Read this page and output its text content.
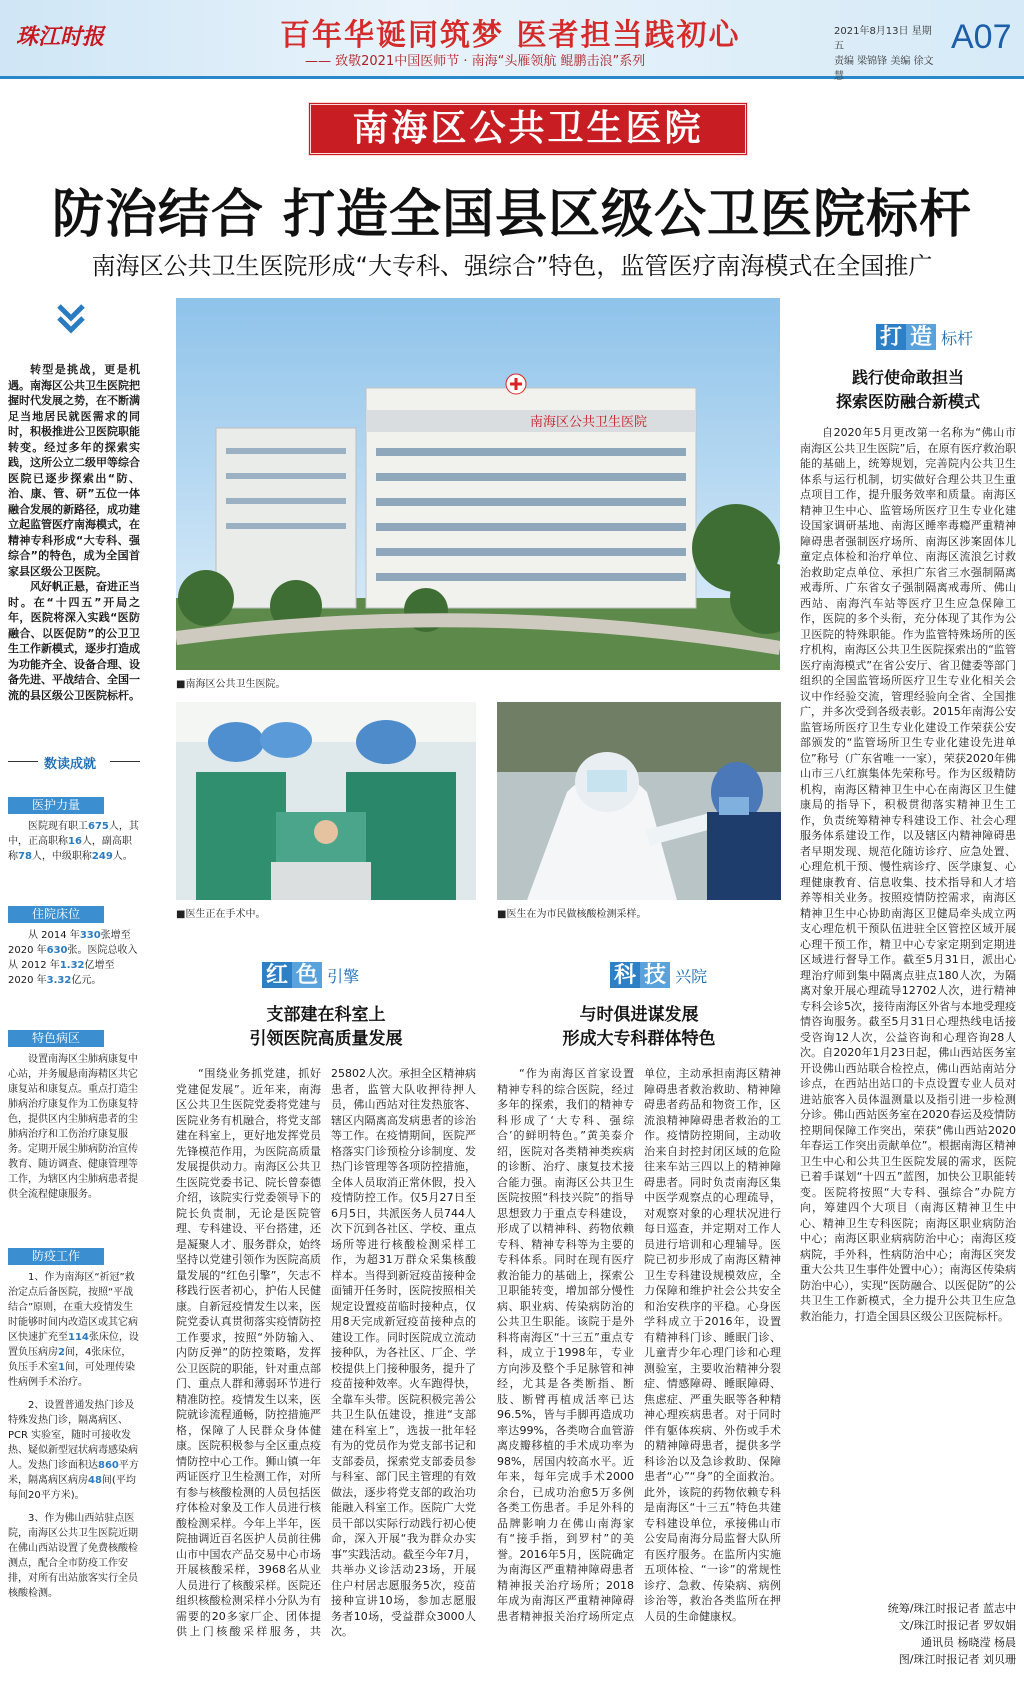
珠江时报	百年华诞同筑梦 医者担当践初心
—— 致敬2021中国医师节 · 南海“头雁领航 鲲鹏击浪”系列
2021年8月13日 星期五
责编 梁锦锋 美编 徐文慧
A07
南海区公共卫生医院
防治结合 打造全国县区级公卫医院标杆
南海区公共卫生医院形成“大专科、强综合”特色，监管医疗南海模式在全国推广
转型是挑战，更是机遇。南海区公共卫生医院把握时代发展之势，在不断满足当地居民就医需求的同时，积极推进公卫医院职能转变。经过多年的探索实践，这所公立二级甲等综合医院已逐步探索出“防、治、康、管、研”五位一体融合发展的新路径，成功建立起监管医疗南海模式，在精神专科形成“大专科、强综合”的特色，成为全国首家县区级公卫医院。
风好帆正悬，奋进正当时。在“十四五”开局之年，医院将深入实践“医防融合、以医促防”的公卫卫生工作新模式，逐步打造成为功能齐全、设备合理、设备先进、平战结合、全国一流的县区级公卫医院标杆。
数读成就
医护力量
医院现有职工675人，其中，正高职称16人，副高职称78人，中级职称249人。
住院床位
从 2014 年330张增至 2020 年630张。医院总收入从 2012 年1.32亿增至 2020 年3.32亿元。
特色病区
设置南海区尘肺病康复中心站，并务履悬南海精区共它康复站和康复点。重点打造尘肺病治疗康复作为工伤康复特色，提供区内尘肺病患者的尘肺病治疗和工伤治疗康复服务。定期开展尘肺病防治宣传教育、随访调查、健康管理等工作，为辖区内尘肺病患者提供全流程健康服务。
防疫工作
1、作为南海区“祈冠”救治定点后备医院，按照“平战结合”原则，在重大疫情发生时能够时间内改造区或其它病区快速扩充至114张床位，设置负压病房2间，4张床位，负压手术室1间，可处理传染性病例手术治疗。
2、设置普通发热门诊及特殊发热门诊，隔离病区、PCR 实验室，随时可接收发热、疑似新型冠状病毒感染病人。发热门诊面积达860平方米，隔离病区病房48间(平均每间20平方米)。
3、作为佛山西站驻点医院，南海区公共卫生医院近期在佛山西站设置了免费核酸检测点，配合全市防疫工作安排，对所有出站旅客实行全员核酸检测。
南海区公共卫生医院
■南海区公共卫生医院。
■医生正在手术中。	■医生在为市民做核酸检测采样。
红 色 引擎
支部建在科室上
引领医院高质量发展
科 技 兴院
与时俱进谋发展
形成大专科群体特色
打 造 标杆
践行使命敢担当
探索医防融合新模式
“围绕业务抓党建，抓好党建促发展”。近年来，南海区公共卫生医院党委将党建与医院业务有机融合，将党支部建在科室上，更好地发挥党员先锋模范作用，为医院高质量发展提供动力。南海区公共卫生医院党委书记、院长曾泰德介绍，该院实行党委领导下的院长负责制，无论是医院管理、专科建设、平台搭建，还是凝聚人才、服务群众，始终坚持以党建引领作为医院高质量发展的“红色引擎”，矢志不移践行医者初心，护佑人民健康。自新冠疫情发生以来，医院党委认真贯彻落实疫情防控工作要求，按照“外防输入、内防反弹”的防控策略，发挥公卫医院的职能，针对重点部门、重点人群和薄弱环节进行精准防控。疫情发生以来，医院就诊流程通畅，防控措施严格，保障了人民群众身体健康。医院积极参与全区重点疫情防控中心工作。狮山镇一年两证医疗卫生检测工作，对所有参与核酸检测的人员包括医疗体检对象及工作人员进行核酸检测采样。今年上半年，医院抽调近百名医护人员前往佛山市中国农产品交易中心市场开展核酸采样，3968名从业人员进行了核酸采样。医院还组织核酸检测采样小分队为有需要的20多家厂企、团体提供上门核酸采样服务，共25802人次。承担全区精神病患者，监管大队收押待押人员，佛山西站对往发热旅客、辖区内隔离高发病患者的诊治等工作。在疫情期间，医院严格落实门诊预检分诊制度、发热门诊管理等各项防控措施，全体人员取消正常休假，投入疫情防控工作。仅5月27日至6月5日，共派医务人员744人次下沉到各社区、学校、重点场所等进行核酸检测采样工作，为超31万群众采集核酸样本。当得到新冠疫苗接种金面铺开任务时，医院按照相关规定设置疫苗临时接种点，仅用8天完成新冠疫苗接种点的建设工作。同时医院成立流动接种队，为各社区、厂企、学校提供上门接种服务，提升了疫苗接种效率。火车跑得快，全靠车头带。医院积极完善公共卫生队伍建设，推进“支部建在科室上”，选拔一批年轻有为的党员作为党支部书记和支部委员，探索党支部委员参与科室、部门民主管理的有效做法，逐步将党支部的政治功能融入科室工作。医院广大党员干部以实际行动践行初心使命，深入开展“我为群众办实事”实践活动。截至今年7月，共举办义诊活动23场，开展住户村居志愿服务5次，疫苗接种宣讲10场，参加志愿服务者10场，受益群众3000人次。
“作为南海区首家设置精神专科的综合医院，经过多年的探索，我们的精神专科形成了‘大专科、强综合’的鲜明特色。”黄美泰介绍，医院对各类精神类疾病的诊断、治疗、康复技术接合能力强。南海区公共卫生医院按照“科技兴院”的指导思想致力于重点专科建设，形成了以精神科、药物依赖专科、精神专科等为主要的专科体系。同时在现有医疗救治能力的基础上，探索公卫职能转变，增加部分慢性病、职业病、传染病防治的公共卫生职能。该院于是外科将南海区“十三五”重点专科，成立于1998年，专业方向涉及整个手足脉管和神经，尤其是各类断指、断肢、断臂再植成活率已达96.5%，皆与手脚再造成功率达99%，各类吻合血管游离皮瓣移植的手术成功率为98%，居国内较高水平。近年来，每年完成手术2000余台，已成功治愈5万多例各类工伤患者。手足外科的品牌影响力在佛山南海家有“接手指，到罗村”的美誉。2016年5月，医院确定为南海区严重精神障碍患者精神报关治疗场所；2018年成为南海区严重精神障碍患者精神报关治疗场所定点单位，主动承担南海区精神障碍患者救治救助、精神障碍患者药品和物资工作，区流浪精神障碍患者救治的工作。疫情防控期间，主动收治来自封控封闭区域的危险往来车站三四以上的精神障碍患者。同时负责南海区集中医学观察点的心理疏导，对观察对象的心理状况进行每日巡查，并定期对工作人员进行培训和心理辅导。医院已初步形成了南海区精神卫生专科建设规模效应，全力保障和维护社会公共安全和治安秩序的平稳。心身医学科成立于2016年，设置有精神科门诊、睡眠门诊、儿童青少年心理门诊和心理测验室，主要收治精神分裂症、情感障碍、睡眠障碍、焦虑症、严重失眠等各种精神心理疾病患者。对于同时伴有躯体疾病、外伤或手术的精神障碍患者，提供多学科诊治以及急诊救助、保障患者“心”“身”的全面救治。此外，该院的药物依赖专科是南海区“十三五”特色共建专科建设单位，承接佛山市公安局南海分局监督大队所有医疗服务。在监所内实施五项体检、“一诊”的常规性诊疗、急救、传染病、病例诊治等，救治各类监所在押人员的生命健康权。
自2020年5月更改第一名称为“佛山市南海区公共卫生医院”后，在原有医疗救治职能的基础上，统筹规划，完善院内公共卫生体系与运行机制，切实做好合理公共卫生重点项目工作，提升服务效率和质量。南海区精神卫生中心、监管场所医疗卫生专业化建设国家调研基地、南海区睡率毒瘾严重精神障碍患者强制医疗场所、南海区涉案固体儿童定点体检和治疗单位、南海区流浪乞讨救治救助定点单位、承担广东省三水强制隔离戒毒所、广东省女子强制隔离戒毒所、佛山西站、南海汽车站等医疗卫生应急保障工作，医院的多个头衔，充分体现了其作为公卫医院的特殊职能。作为监管特殊场所的医疗机构，南海区公共卫生医院探索出的“监管医疗南海模式”在省公安厅、省卫健委等部门组织的全国监管场所医疗卫生专业化相关会议中作经验交流，管理经验向全省、全国推广，并多次受到各级表彰。2015年南海公安监管场所医疗卫生专业化建设工作荣获公安部颁发的“监管场所卫生专业化建设先进单位”称号（广东省唯一一家），荣获2020年佛山市三八红旗集体先荣称号。作为区级精防机构，南海区精神卫生中心在南海区卫生健康局的指导下，积极贯彻落实精神卫生工作，负责统筹精神专科建设工作、社会心理服务体系建设工作，以及辖区内精神障碍患者早期发现、规范化随访诊疗、应急处置、心理危机干预、慢性病诊疗、医学康复、心理健康教育、信息收集、技术指导和人才培养等相关业务。按照疫情防控需求，南海区精神卫生中心协助南海区卫健局牵头成立两支心理危机干预队伍进驻全区管控区域开展心理干预工作，精卫中心专家定期到定期进区域进行督导工作。截至5月31日，派出心理治疗师到集中隔离点驻点180人次，为隔离对象开展心理疏导12702人次，进行精神专科会诊5次，接待南海区外省与本地受理疫情咨询服务。截至5月31日心理热线电话接受咨询12人次，公益咨询和心理咨询28人次。自2020年1月23日起，佛山西站医务室开设佛山西站联合检控点，佛山西站南站分诊点，在西站出站口的卡点设置专业人员对进站旅客入员体温测量以及指引进一步检测分诊。佛山西站医务室在2020春运及疫情防控期间保障工作突出，荣获“佛山西站2020年春运工作突出贡献单位”。根据南海区精神卫生中心和公共卫生医院发展的需求，医院已着手谋划“十四五”蓝图，加快公卫职能转变。医院将按照“大专科、强综合”办院方向，筹建四个大项目（南海区精神卫生中心、精神卫生专科医院；南海区职业病防治中心；南海区职业病病防治中心；南海区疫病院，手外科，性病防治中心；南海区突发重大公共卫生事件处置中心）；南海区传染病防治中心），实现“医防融合、以医促防”的公共卫生工作新模式，全力提升公共卫生应急救治能力，打造全国县区级公卫医院标杆。
统筹/珠江时报记者 蓝志中
文/珠江时报记者 罗奴娟
通讯员 杨晓滢 杨晨
图/珠江时报记者 刘贝珊
